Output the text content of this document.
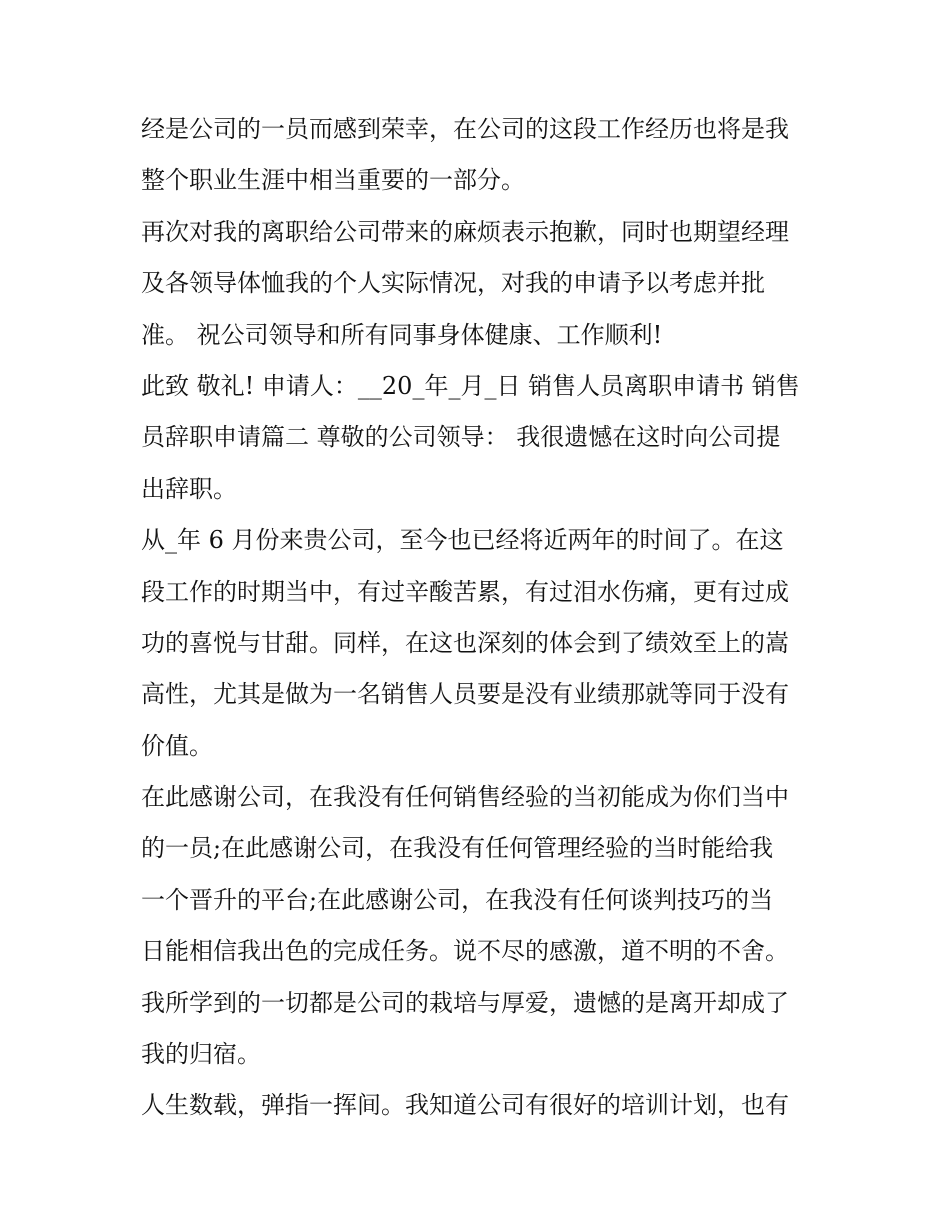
经是公司的一员而感到荣幸，在公司的这段工作经历也将是我
整个职业生涯中相当重要的一部分。
再次对我的离职给公司带来的麻烦表示抱歉，同时也期望经理
及各领导体恤我的个人实际情况，对我的申请予以考虑并批
准。 祝公司领导和所有同事身体健康、工作顺利!
此致 敬礼! 申请人：__20_年_月_日 销售人员离职申请书 销售
员辞职申请篇二 尊敬的公司领导： 我很遗憾在这时向公司提
出辞职。
从_年 6 月份来贵公司，至今也已经将近两年的时间了。在这
段工作的时期当中，有过辛酸苦累，有过泪水伤痛，更有过成
功的喜悦与甘甜。同样，在这也深刻的体会到了绩效至上的嵩
高性，尤其是做为一名销售人员要是没有业绩那就等同于没有
价值。
在此感谢公司，在我没有任何销售经验的当初能成为你们当中
的一员;在此感谢公司，在我没有任何管理经验的当时能给我
一个晋升的平台;在此感谢公司，在我没有任何谈判技巧的当
日能相信我出色的完成任务。说不尽的感激，道不明的不舍。
我所学到的一切都是公司的栽培与厚爱，遗憾的是离开却成了
我的归宿。
人生数载，弹指一挥间。我知道公司有很好的培训计划，也有
